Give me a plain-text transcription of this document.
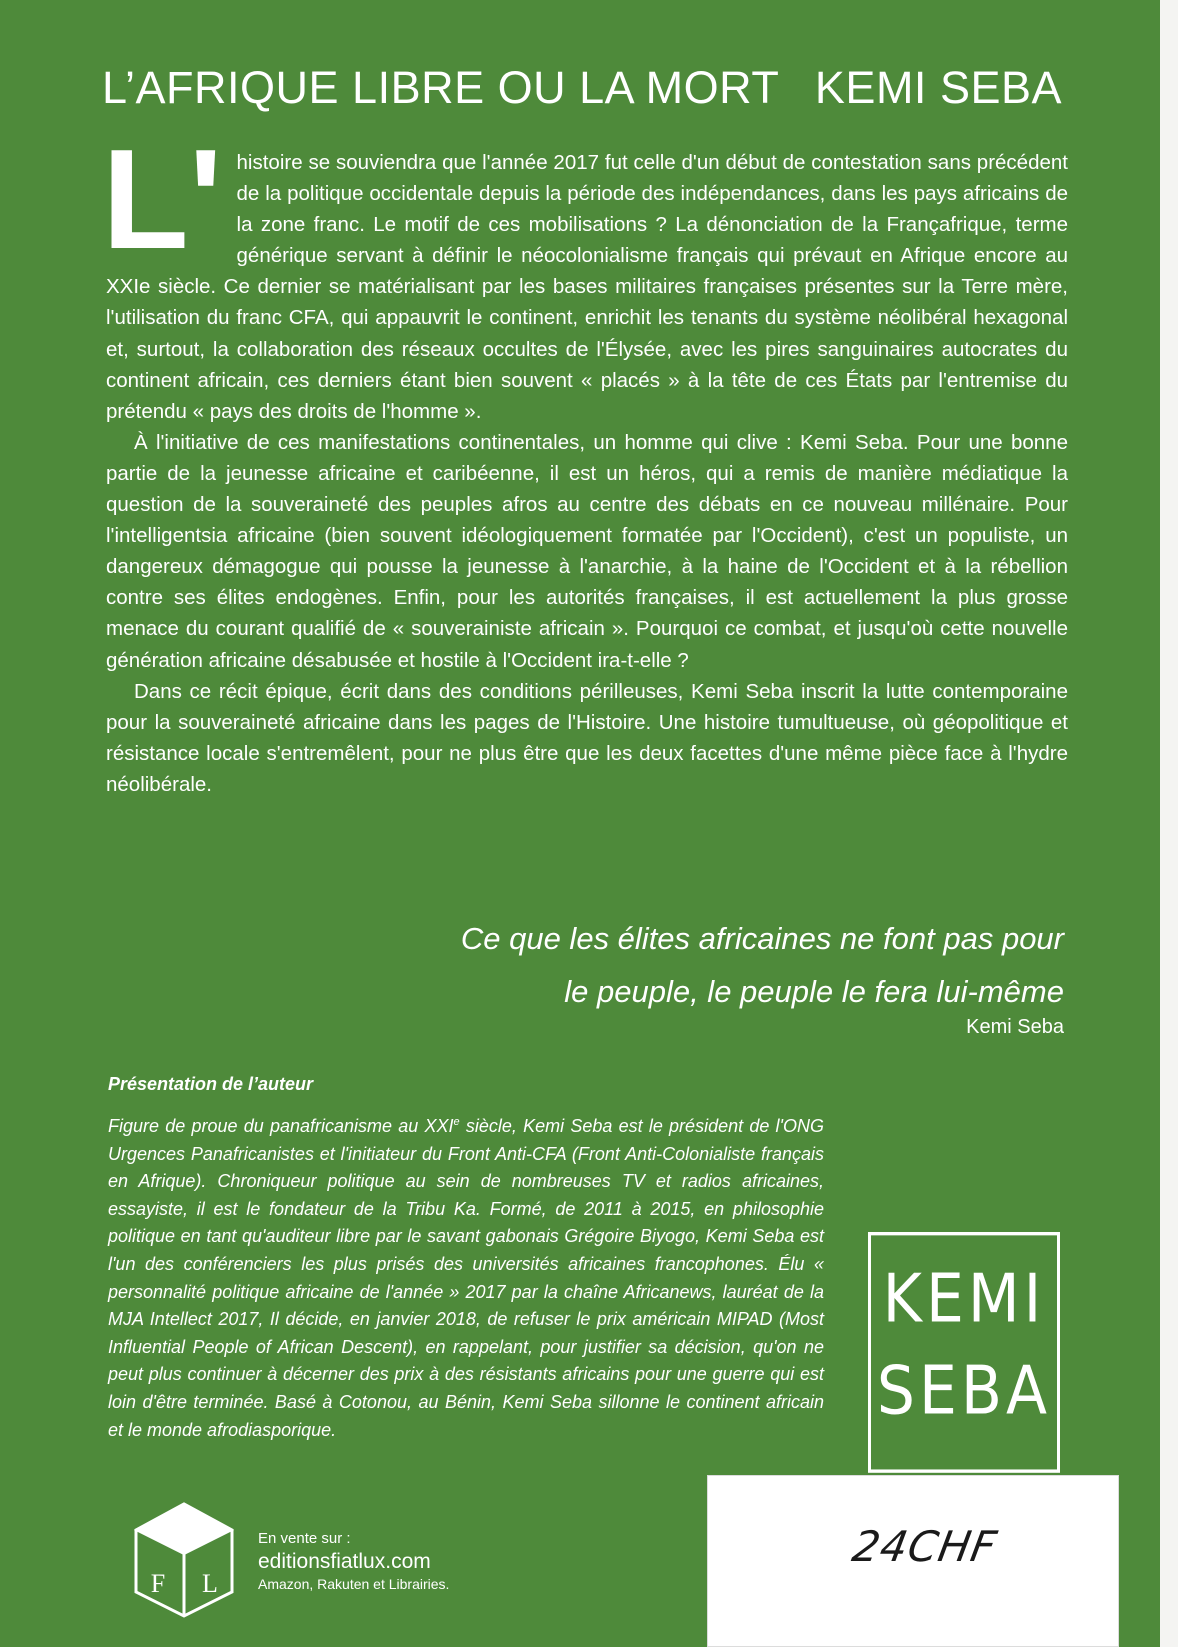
L’AFRIQUE LIBRE OU LA MORT KEMI SEBA

L' histoire se souviendra que l'année 2017 fut celle d'un début de contestation sans précédent de la politique occidentale depuis la période des indépendances, dans les pays africains de la zone franc. Le motif de ces mobilisations ? La dénonciation de la Françafrique, terme générique servant à définir le néocolonialisme français qui prévaut en Afrique encore au XXIe siècle. Ce dernier se matérialisant par les bases militaires françaises présentes sur la Terre mère, l'utilisation du franc CFA, qui appauvrit le continent, enrichit les tenants du système néolibéral hexagonal et, surtout, la collaboration des réseaux occultes de l'Élysée, avec les pires sanguinaires autocrates du continent africain, ces derniers étant bien souvent « placés » à la tête de ces États par l'entremise du prétendu « pays des droits de l'homme ».

À l'initiative de ces manifestations continentales, un homme qui clive : Kemi Seba. Pour une bonne partie de la jeunesse africaine et caribéenne, il est un héros, qui a remis de manière médiatique la question de la souveraineté des peuples afros au centre des débats en ce nouveau millénaire. Pour l'intelligentsia africaine (bien souvent idéologiquement formatée par l'Occident), c'est un populiste, un dangereux démagogue qui pousse la jeunesse à l'anarchie, à la haine de l'Occident et à la rébellion contre ses élites endogènes. Enfin, pour les autorités françaises, il est actuellement la plus grosse menace du courant qualifié de « souverainiste africain ». Pourquoi ce combat, et jusqu'où cette nouvelle génération africaine désabusée et hostile à l'Occident ira-t-elle ?

Dans ce récit épique, écrit dans des conditions périlleuses, Kemi Seba inscrit la lutte contemporaine pour la souveraineté africaine dans les pages de l'Histoire. Une histoire tumultueuse, où géopolitique et résistance locale s'entremêlent, pour ne plus être que les deux facettes d'une même pièce face à l'hydre néolibérale.

Ce que les élites africaines ne font pas pour
le peuple, le peuple le fera lui-même
Kemi Seba
Présentation de l’auteur

Figure de proue du panafricanisme au XXIe siècle, Kemi Seba est le président de l'ONG Urgences Panafricanistes et l'initiateur du Front Anti-CFA (Front Anti-Colonialiste français en Afrique). Chroniqueur politique au sein de nombreuses TV et radios africaines, essayiste, il est le fondateur de la Tribu Ka. Formé, de 2011 à 2015, en philosophie politique en tant qu'auditeur libre par le savant gabonais Grégoire Biyogo, Kemi Seba est l'un des conférenciers les plus prisés des universités africaines francophones. Élu « personnalité politique africaine de l'année » 2017 par la chaîne Africanews, lauréat de la MJA Intellect 2017, Il décide, en janvier 2018, de refuser le prix américain MIPAD (Most Influential People of African Descent), en rappelant, pour justifier sa décision, qu'on ne peut plus continuer à décerner des prix à des résistants africains pour une guerre qui est loin d'être terminée. Basé à Cotonou, au Bénin, Kemi Seba sillonne le continent africain et le monde afrodiasporique.

KEMI
SEBA
F L
En vente sur :
editionsfiatlux.com
Amazon, Rakuten et Librairies.
24CHF
